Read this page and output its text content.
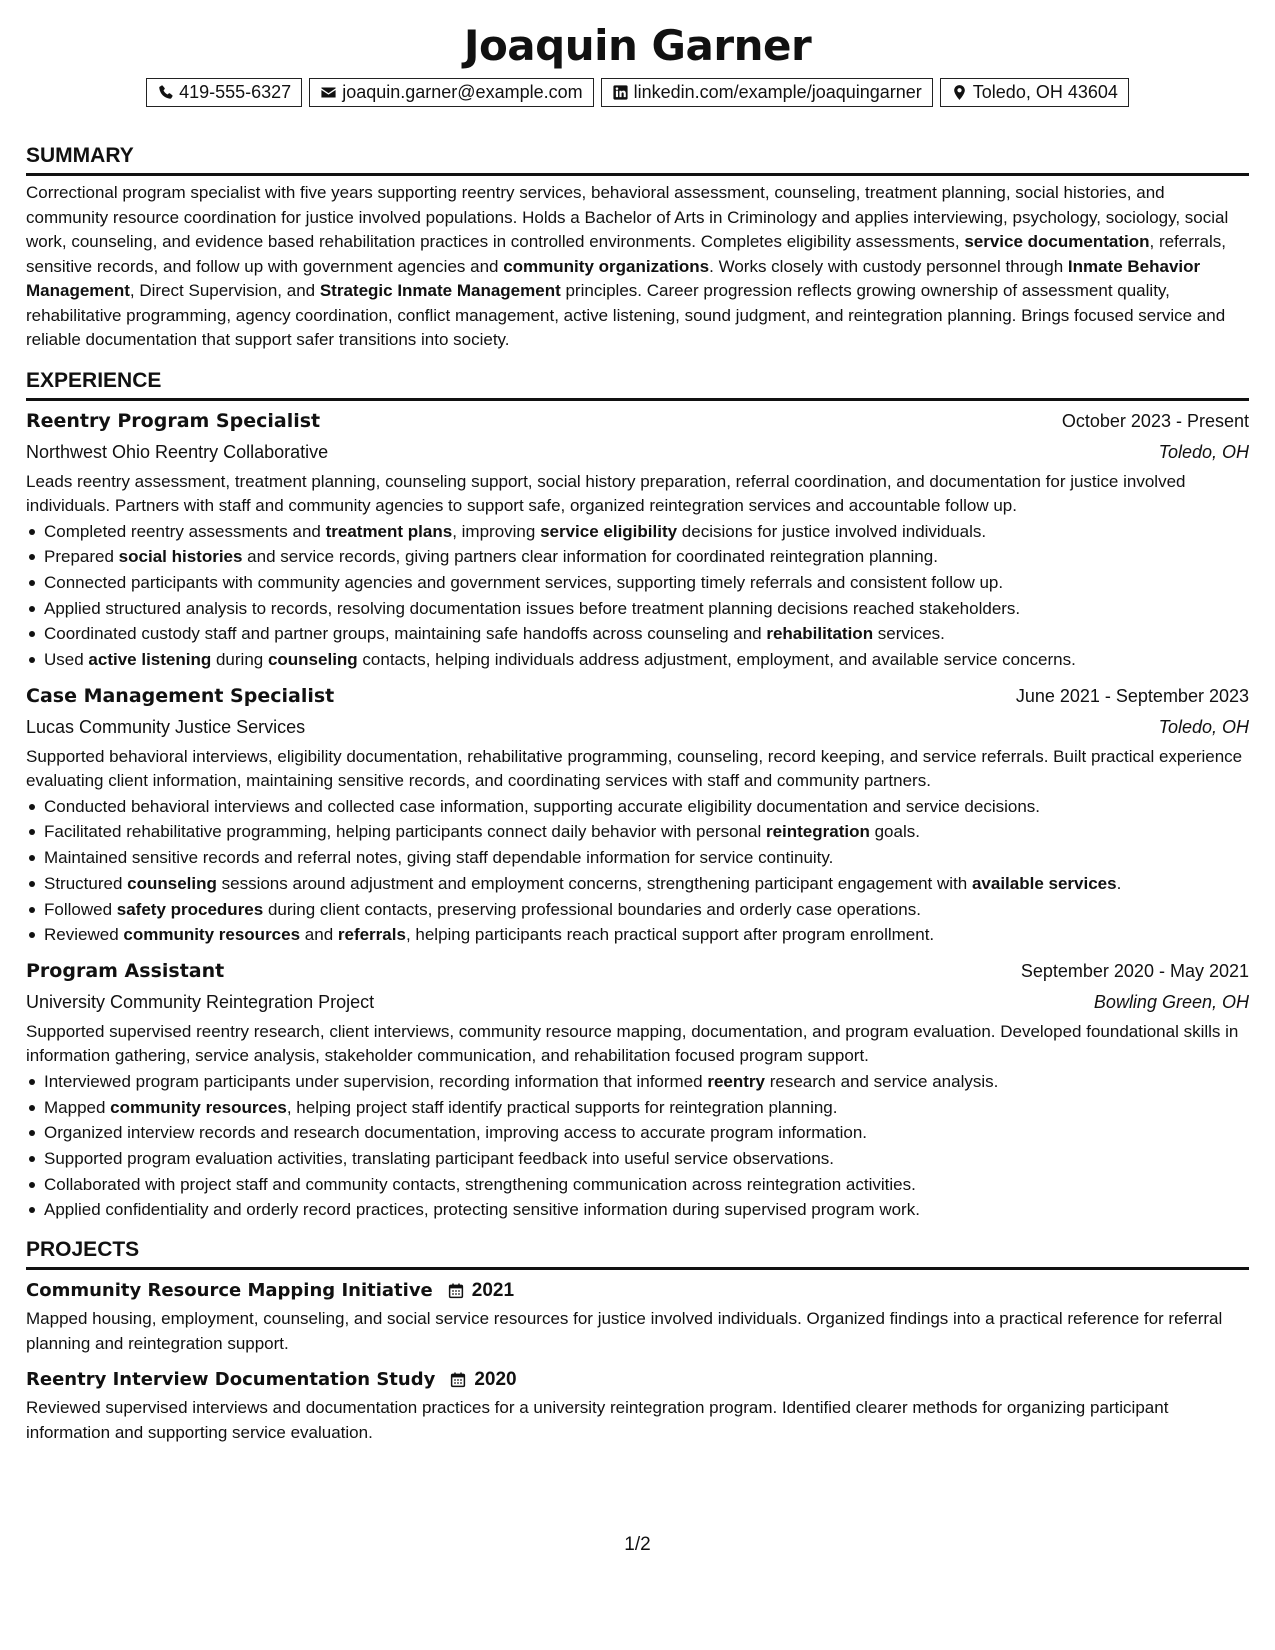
Joaquin Garner
419-555-6327	joaquin.garner@example.com	linkedin.com/example/joaquingarner	Toledo, OH 43604
SUMMARY

Correctional program specialist with five years supporting reentry services, behavioral assessment, counseling, treatment planning, social histories, and community resource coordination for justice involved populations. Holds a Bachelor of Arts in Criminology and applies interviewing, psychology, sociology, social work, counseling, and evidence based rehabilitation practices in controlled environments. Completes eligibility assessments, service documentation, referrals, sensitive records, and follow up with government agencies and community organizations. Works closely with custody personnel through Inmate Behavior Management, Direct Supervision, and Strategic Inmate Management principles. Career progression reflects growing ownership of assessment quality, rehabilitative programming, agency coordination, conflict management, active listening, sound judgment, and reintegration planning. Brings focused service and reliable documentation that support safer transitions into society.

EXPERIENCE
Reentry Program Specialist	October 2023 - Present
Northwest Ohio Reentry Collaborative	Toledo, OH

Leads reentry assessment, treatment planning, counseling support, social history preparation, referral coordination, and documentation for justice involved individuals. Partners with staff and community agencies to support safe, organized reintegration services and accountable follow up.

Completed reentry assessments and treatment plans, improving service eligibility decisions for justice involved individuals.
Prepared social histories and service records, giving partners clear information for coordinated reintegration planning.
Connected participants with community agencies and government services, supporting timely referrals and consistent follow up.
Applied structured analysis to records, resolving documentation issues before treatment planning decisions reached stakeholders.
Coordinated custody staff and partner groups, maintaining safe handoffs across counseling and rehabilitation services.
Used active listening during counseling contacts, helping individuals address adjustment, employment, and available service concerns.
Case Management Specialist	June 2021 - September 2023
Lucas Community Justice Services	Toledo, OH

Supported behavioral interviews, eligibility documentation, rehabilitative programming, counseling, record keeping, and service referrals. Built practical experience evaluating client information, maintaining sensitive records, and coordinating services with staff and community partners.

Conducted behavioral interviews and collected case information, supporting accurate eligibility documentation and service decisions.
Facilitated rehabilitative programming, helping participants connect daily behavior with personal reintegration goals.
Maintained sensitive records and referral notes, giving staff dependable information for service continuity.
Structured counseling sessions around adjustment and employment concerns, strengthening participant engagement with available services.
Followed safety procedures during client contacts, preserving professional boundaries and orderly case operations.
Reviewed community resources and referrals, helping participants reach practical support after program enrollment.
Program Assistant	September 2020 - May 2021
University Community Reintegration Project	Bowling Green, OH

Supported supervised reentry research, client interviews, community resource mapping, documentation, and program evaluation. Developed foundational skills in information gathering, service analysis, stakeholder communication, and rehabilitation focused program support.

Interviewed program participants under supervision, recording information that informed reentry research and service analysis.
Mapped community resources, helping project staff identify practical supports for reintegration planning.
Organized interview records and research documentation, improving access to accurate program information.
Supported program evaluation activities, translating participant feedback into useful service observations.
Collaborated with project staff and community contacts, strengthening communication across reintegration activities.
Applied confidentiality and orderly record practices, protecting sensitive information during supervised program work.
PROJECTS
Community Resource Mapping Initiative 2021

Mapped housing, employment, counseling, and social service resources for justice involved individuals. Organized findings into a practical reference for referral planning and reintegration support.

Reentry Interview Documentation Study 2020

Reviewed supervised interviews and documentation practices for a university reintegration program. Identified clearer methods for organizing participant information and supporting service evaluation.

1/2
